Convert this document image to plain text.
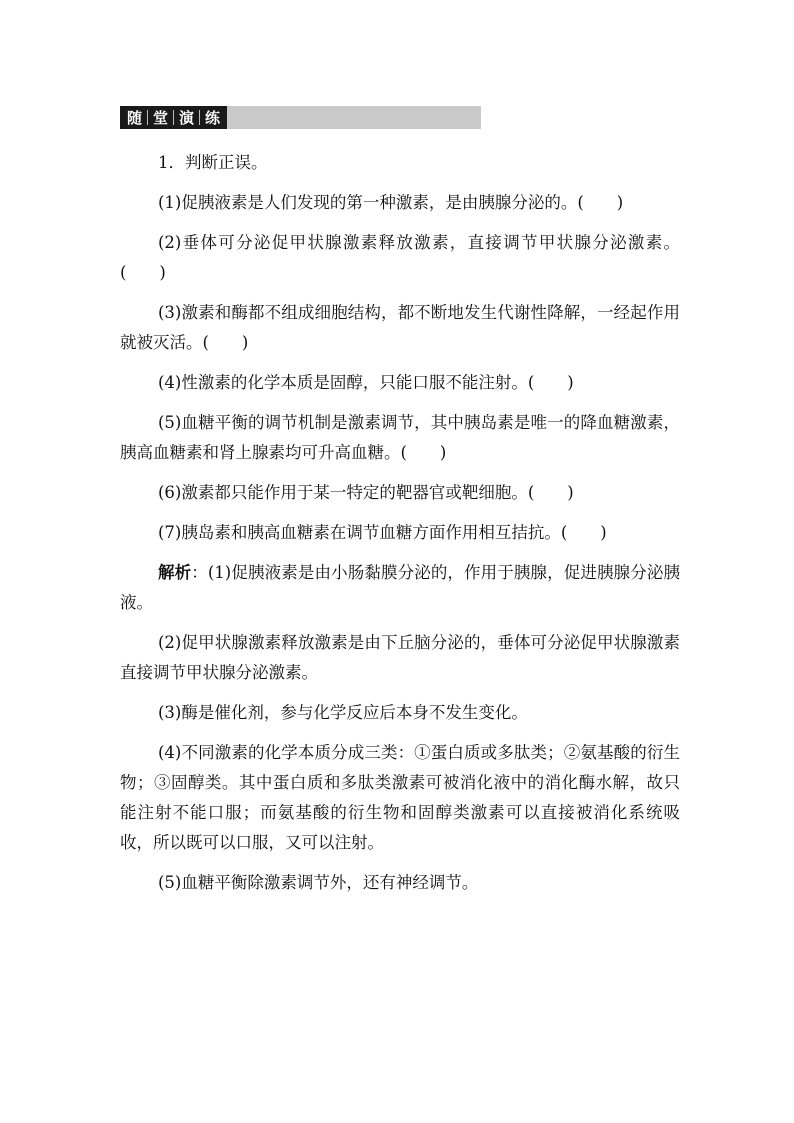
随 堂 演 练

1．判断正误。

(1)促胰液素是人们发现的第一种激素，是由胰腺分泌的。(　　)

(2)垂体可分泌促甲状腺激素释放激素，直接调节甲状腺分泌激素。(　　)

(3)激素和酶都不组成细胞结构，都不断地发生代谢性降解，一经起作用就被灭活。(　　)

(4)性激素的化学本质是固醇，只能口服不能注射。(　　)

(5)血糖平衡的调节机制是激素调节，其中胰岛素是唯一的降血糖激素，胰高血糖素和肾上腺素均可升高血糖。(　　)

(6)激素都只能作用于某一特定的靶器官或靶细胞。(　　)

(7)胰岛素和胰高血糖素在调节血糖方面作用相互拮抗。(　　)

解析：(1)促胰液素是由小肠黏膜分泌的，作用于胰腺，促进胰腺分泌胰液。

(2)促甲状腺激素释放激素是由下丘脑分泌的，垂体可分泌促甲状腺激素直接调节甲状腺分泌激素。

(3)酶是催化剂，参与化学反应后本身不发生变化。

(4)不同激素的化学本质分成三类：①蛋白质或多肽类；②氨基酸的衍生物；③固醇类。其中蛋白质和多肽类激素可被消化液中的消化酶水解，故只能注射不能口服；而氨基酸的衍生物和固醇类激素可以直接被消化系统吸收，所以既可以口服，又可以注射。

(5)血糖平衡除激素调节外，还有神经调节。
